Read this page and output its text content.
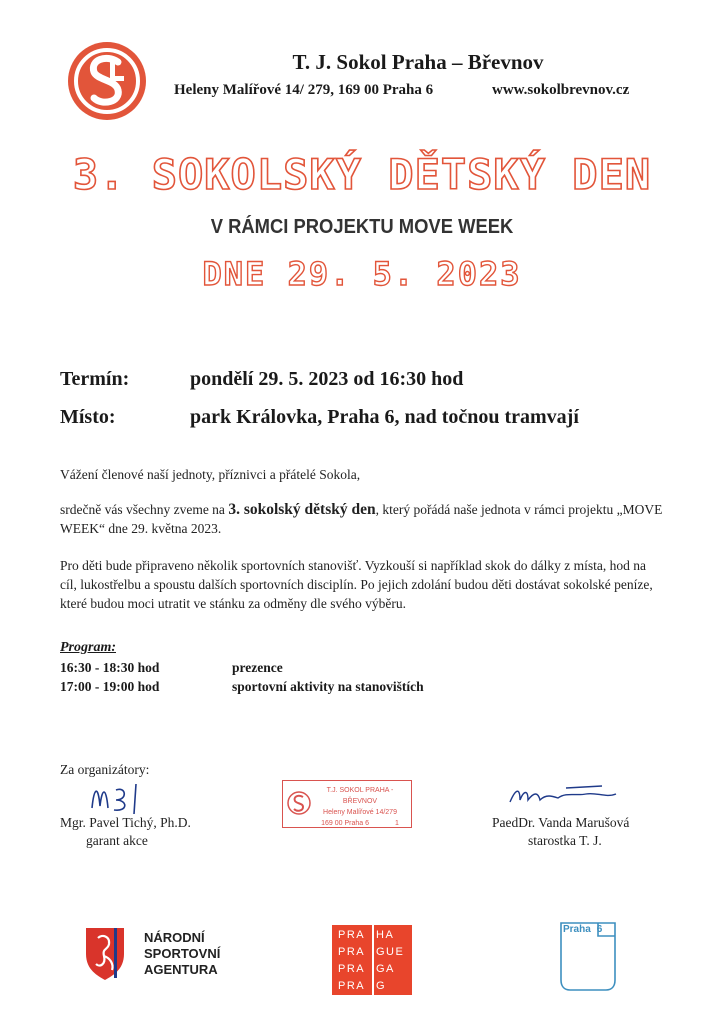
T. J. Sokol Praha – Břevnov
Heleny Malířové 14/ 279, 169 00 Praha 6	www.sokolbrevnov.cz
3. SOKOLSKÝ DĚTSKÝ DEN
V RÁMCI PROJEKTU MOVE WEEK
DNE 29. 5. 2023
Termín:	pondělí 29. 5. 2023 od 16:30 hod
Místo:	park Královka, Praha 6, nad točnou tramvají
Vážení členové naší jednoty, příznivci a přátelé Sokola,
srdečně vás všechny zveme na 3. sokolský dětský den, který pořádá naše jednota v rámci projektu „MOVE WEEK“ dne 29. května 2023.
Pro děti bude připraveno několik sportovních stanovišť. Vyzkouší si například skok do dálky z místa, hod na cíl, lukostřelbu a spoustu dalších sportovních disciplín. Po jejich zdolání budou děti dostávat sokolské peníze, které budou moci utratit ve stánku za odměny dle svého výběru.
Program:
16:30 - 18:30 hod	prezence
17:00 - 19:00 hod	sportovní aktivity na stanovištích
Za organizátory:
Mgr. Pavel Tichý, Ph.D.
garant akce
T.J. SOKOL PRAHA - BŘEVNOV
Heleny Malířové 14/279
169 00 Praha 6	1	PaedDr. Vanda Marušová
starostka T. J.
NÁRODNÍ
SPORTOVNÍ
AGENTURA
PRA
PRA
PRA
PRA
HA
GUE
GA
G
Praha 6
